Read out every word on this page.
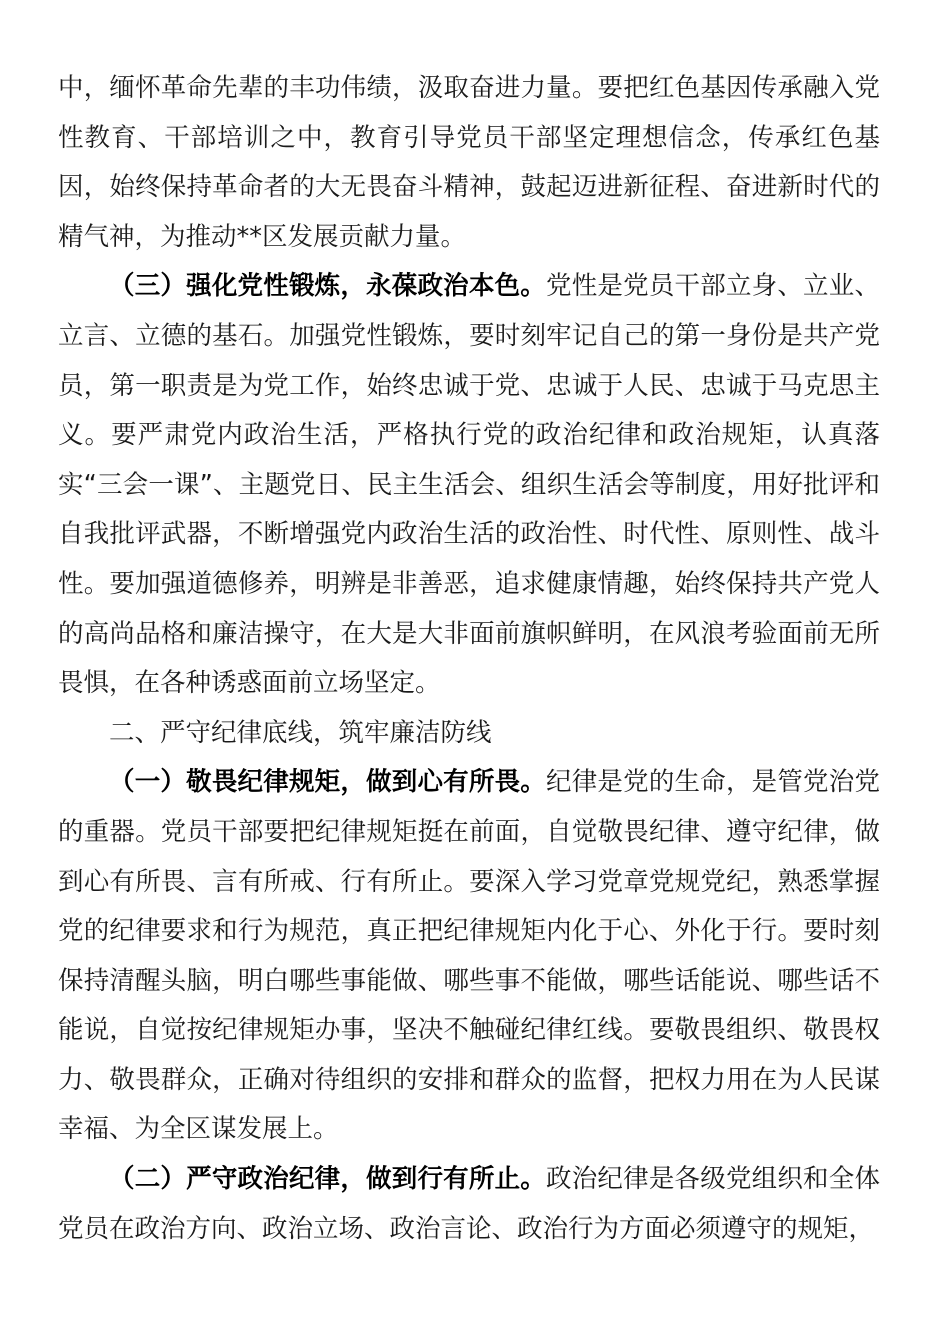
中，缅怀革命先辈的丰功伟绩，汲取奋进力量。要把红色基因传承融入党性教育、干部培训之中，教育引导党员干部坚定理想信念，传承红色基因，始终保持革命者的大无畏奋斗精神，鼓起迈进新征程、奋进新时代的精气神，为推动**区发展贡献力量。

（三）强化党性锻炼，永葆政治本色。党性是党员干部立身、立业、立言、立德的基石。加强党性锻炼，要时刻牢记自己的第一身份是共产党员，第一职责是为党工作，始终忠诚于党、忠诚于人民、忠诚于马克思主义。要严肃党内政治生活，严格执行党的政治纪律和政治规矩，认真落实“三会一课”、主题党日、民主生活会、组织生活会等制度，用好批评和自我批评武器，不断增强党内政治生活的政治性、时代性、原则性、战斗性。要加强道德修养，明辨是非善恶，追求健康情趣，始终保持共产党人的高尚品格和廉洁操守，在大是大非面前旗帜鲜明，在风浪考验面前无所畏惧，在各种诱惑面前立场坚定。

二、严守纪律底线，筑牢廉洁防线

（一）敬畏纪律规矩，做到心有所畏。纪律是党的生命，是管党治党的重器。党员干部要把纪律规矩挺在前面，自觉敬畏纪律、遵守纪律，做到心有所畏、言有所戒、行有所止。要深入学习党章党规党纪，熟悉掌握党的纪律要求和行为规范，真正把纪律规矩内化于心、外化于行。要时刻保持清醒头脑，明白哪些事能做、哪些事不能做，哪些话能说、哪些话不能说，自觉按纪律规矩办事，坚决不触碰纪律红线。要敬畏组织、敬畏权力、敬畏群众，正确对待组织的安排和群众的监督，把权力用在为人民谋幸福、为全区谋发展上。

（二）严守政治纪律，做到行有所止。政治纪律是各级党组织和全体党员在政治方向、政治立场、政治言论、政治行为方面必须遵守的规矩，
